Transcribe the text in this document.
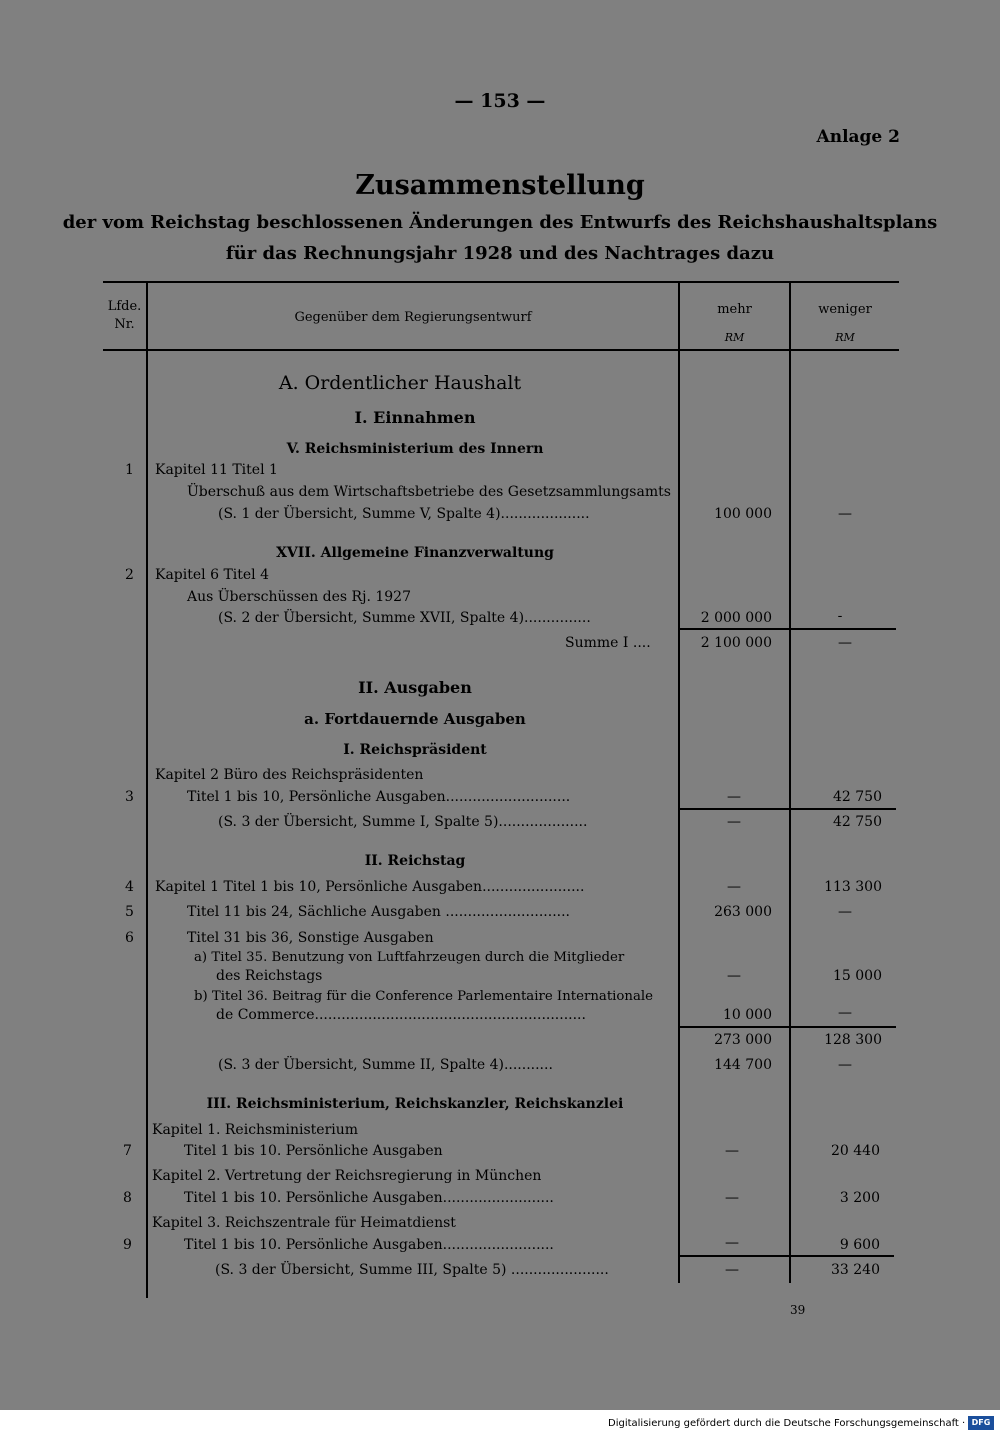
— 153 —
Anlage 2
Zusammenstellung
der vom Reichstag beschlossenen Änderungen des Entwurfs des Reichshaushaltsplans
für das Rechnungsjahr 1928 und des Nachtrages dazu
Lfde. Nr.	Gegenüber dem Regierungsentwurf
mehr
RM
weniger
RM
A. Ordentlicher Haushalt
I. Einnahmen
V. Reichsministerium des Innern
1 Kapitel 11 Titel 1
Überschuß aus dem Wirtschaftsbetriebe des Gesetzsammlungsamts
(S. 1 der Übersicht, Summe V, Spalte 4)....................	100 000	—
XVII. Allgemeine Finanzverwaltung
2 Kapitel 6 Titel 4
Aus Überschüssen des Rj. 1927
(S. 2 der Übersicht, Summe XVII, Spalte 4)...............	2 000 000	-
Summe I ....	2 100 000	—
II. Ausgaben
a. Fortdauernde Ausgaben
I. Reichspräsident
Kapitel 2 Büro des Reichspräsidenten
3	Titel 1 bis 10, Persönliche Ausgaben............................	—	42 750
(S. 3 der Übersicht, Summe I, Spalte 5)....................	—	42 750
II. Reichstag
4 Kapitel 1 Titel 1 bis 10, Persönliche Ausgaben.......................	—	113 300
5	Titel 11 bis 24, Sächliche Ausgaben ............................	263 000	—
6	Titel 31 bis 36, Sonstige Ausgaben
a) Titel 35. Benutzung von Luftfahrzeugen durch die Mitglieder
des Reichstags	—	15 000
b) Titel 36. Beitrag für die Conference Parlementaire Internationale
de Commerce.............................................................	10 000	—
273 000	128 300
(S. 3 der Übersicht, Summe II, Spalte 4)...........	144 700	—
III. Reichsministerium, Reichskanzler, Reichskanzlei
Kapitel 1. Reichsministerium
7	Titel 1 bis 10. Persönliche Ausgaben	—	20 440
Kapitel 2. Vertretung der Reichsregierung in München
8	Titel 1 bis 10. Persönliche Ausgaben.........................	—	3 200
Kapitel 3. Reichszentrale für Heimatdienst
9	Titel 1 bis 10. Persönliche Ausgaben.........................	—	9 600
(S. 3 der Übersicht, Summe III, Spalte 5) ......................	—	33 240
39
Digitalisierung gefördert durch die Deutsche Forschungsgemeinschaft · DFG
